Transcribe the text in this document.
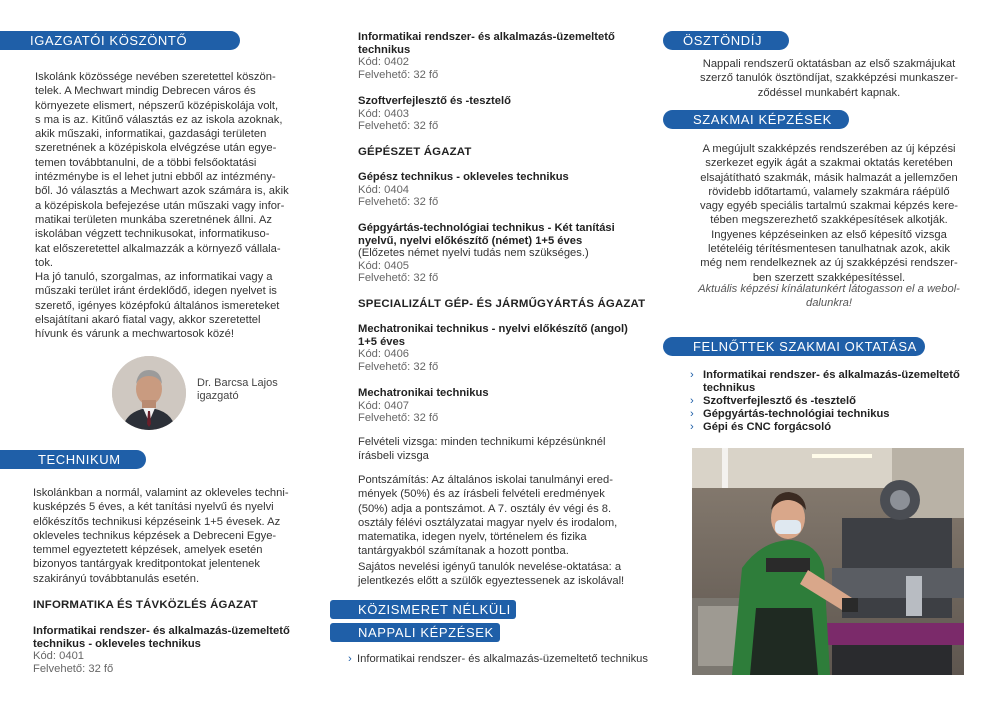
IGAZGATÓI KÖSZÖNTŐ
Iskolánk közössége nevében szeretettel köszön-
telek. A Mechwart mindig Debrecen város és
környezete elismert, népszerű középiskolája volt,
s ma is az. Kitűnő választás ez az iskola azoknak,
akik műszaki, informatikai, gazdasági területen
szeretnének a középiskola elvégzése után egye-
temen továbbtanulni, de a többi felsőoktatási
intézménybe is el lehet jutni ebből az intézmény-
ből. Jó választás a Mechwart azok számára is, akik
a középiskola befejezése után műszaki vagy infor-
matikai területen munkába szeretnének állni. Az
iskolában végzett technikusokat, informatikuso-
kat előszeretettel alkalmazzák a környező vállala-
tok.
Ha jó tanuló, szorgalmas, az informatikai vagy a
műszaki terület iránt érdeklődő, idegen nyelvet is
szerető, igényes középfokú általános ismereteket
elsajátítani akaró fiatal vagy, akkor szeretettel
hívunk és várunk a mechwartosok közé!
Dr. Barcsa Lajos
igazgató
TECHNIKUM
Iskolánkban a normál, valamint az okleveles techni-
kusképzés 5 éves, a két tanítási nyelvű és nyelvi
előkészítős technikusi képzéseink 1+5 évesek. Az
okleveles technikus képzések a Debreceni Egye-
temmel egyeztetett képzések, amelyek esetén
bizonyos tantárgyak kreditpontokat jelentenek
szakirányú továbbtanulás esetén.
INFORMATIKA ÉS TÁVKÖZLÉS ÁGAZAT
Informatikai rendszer- és alkalmazás-üzemeltető technikus - okleveles technikus
Kód: 0401
Felvehető: 32 fő
Informatikai rendszer- és alkalmazás-üzemeltető technikus
Kód: 0402
Felvehető: 32 fő
Szoftverfejlesztő és -tesztelő
Kód: 0403
Felvehető: 32 fő
GÉPÉSZET ÁGAZAT
Gépész technikus - okleveles technikus
Kód: 0404
Felvehető: 32 fő
Gépgyártás-technológiai technikus - Két tanítási nyelvű, nyelvi előkészítő (német) 1+5 éves
(Előzetes német nyelvi tudás nem szükséges.)
Kód: 0405
Felvehető: 32 fő
SPECIALIZÁLT GÉP- ÉS JÁRMŰGYÁRTÁS ÁGAZAT
Mechatronikai technikus - nyelvi előkészítő (angol) 1+5 éves
Kód: 0406
Felvehető: 32 fő
Mechatronikai technikus
Kód: 0407
Felvehető: 32 fő
Felvételi vizsga: minden technikumi képzésünknél
írásbeli vizsga
Pontszámítás: Az általános iskolai tanulmányi ered-
mények (50%) és az írásbeli felvételi eredmények
(50%) adja a pontszámot. A 7. osztály év végi és 8.
osztály félévi osztályzatai magyar nyelv és irodalom,
matematika, idegen nyelv, történelem és fizika
tantárgyakból számítanak a hozott pontba.
Sajátos nevelési igényű tanulók nevelése-oktatása: a
jelentkezés előtt a szülők egyeztessenek az iskolával!
KÖZISMERET NÉLKÜLI
NAPPALI KÉPZÉSEK
› Informatikai rendszer- és alkalmazás-üzemeltető technikus
ÖSZTÖNDÍJ
Nappali rendszerű oktatásban az első szakmájukat
szerző tanulók ösztöndíjat, szakképzési munkaszer-
ződéssel munkabért kapnak.
SZAKMAI KÉPZÉSEK
A megújult szakképzés rendszerében az új képzési
szerkezet egyik ágát a szakmai oktatás keretében
elsajátítható szakmák, másik halmazát a jellemzően
rövidebb időtartamú, valamely szakmára ráépülő
vagy egyéb speciális tartalmú szakmai képzés kere-
tében megszerezhető szakképesítések alkotják.
Ingyenes képzéseinken az első képesítő vizsga
letételéig térítésmentesen tanulhatnak azok, akik
még nem rendelkeznek az új szakképzési rendszer-
ben szerzett szakképesítéssel.
Aktuális képzési kínálatunkért látogasson el a webol-
dalunkra!
FELNŐTTEK SZAKMAI OKTATÁSA
› Informatikai rendszer- és alkalmazás-üzemeltető technikus
› Szoftverfejlesztő és -tesztelő
› Gépgyártás-technológiai technikus
› Gépi és CNC forgácsoló
